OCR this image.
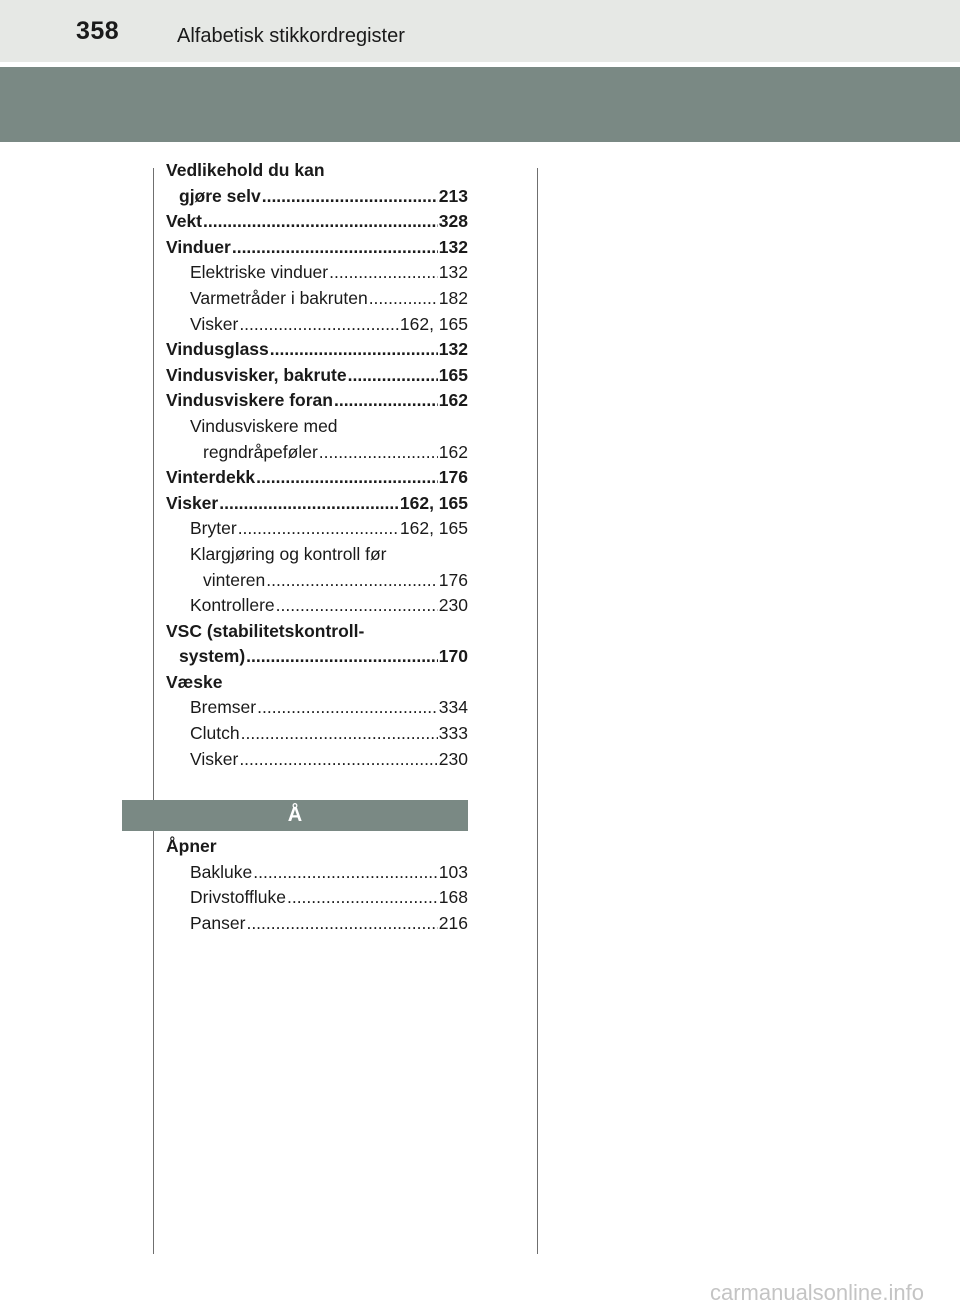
358	Alfabetisk stikkordregister
Vedlikehold du kan
gjøre selv .....	213
Vekt .....	328
Vinduer .....	132
Elektriske vinduer .....	132
Varmetråder i bakruten .....	182
Visker .....	162, 165
Vindusglass .....	132
Vindusvisker, bakrute .....	165
Vindusviskere foran .....	162
Vindusviskere med
regndråpeføler .....	162
Vinterdekk .....	176
Visker .....	162, 165
Bryter .....	162, 165
Klargjøring og kontroll før
vinteren .....	176
Kontrollere .....	230
VSC (stabilitetskontroll-
system) .....	170
Væske
Bremser .....	334
Clutch .....	333
Visker .....	230
Å
Åpner
Bakluke .....	103
Drivstoffluke .....	168
Panser .....	216
carmanualsonline.info
